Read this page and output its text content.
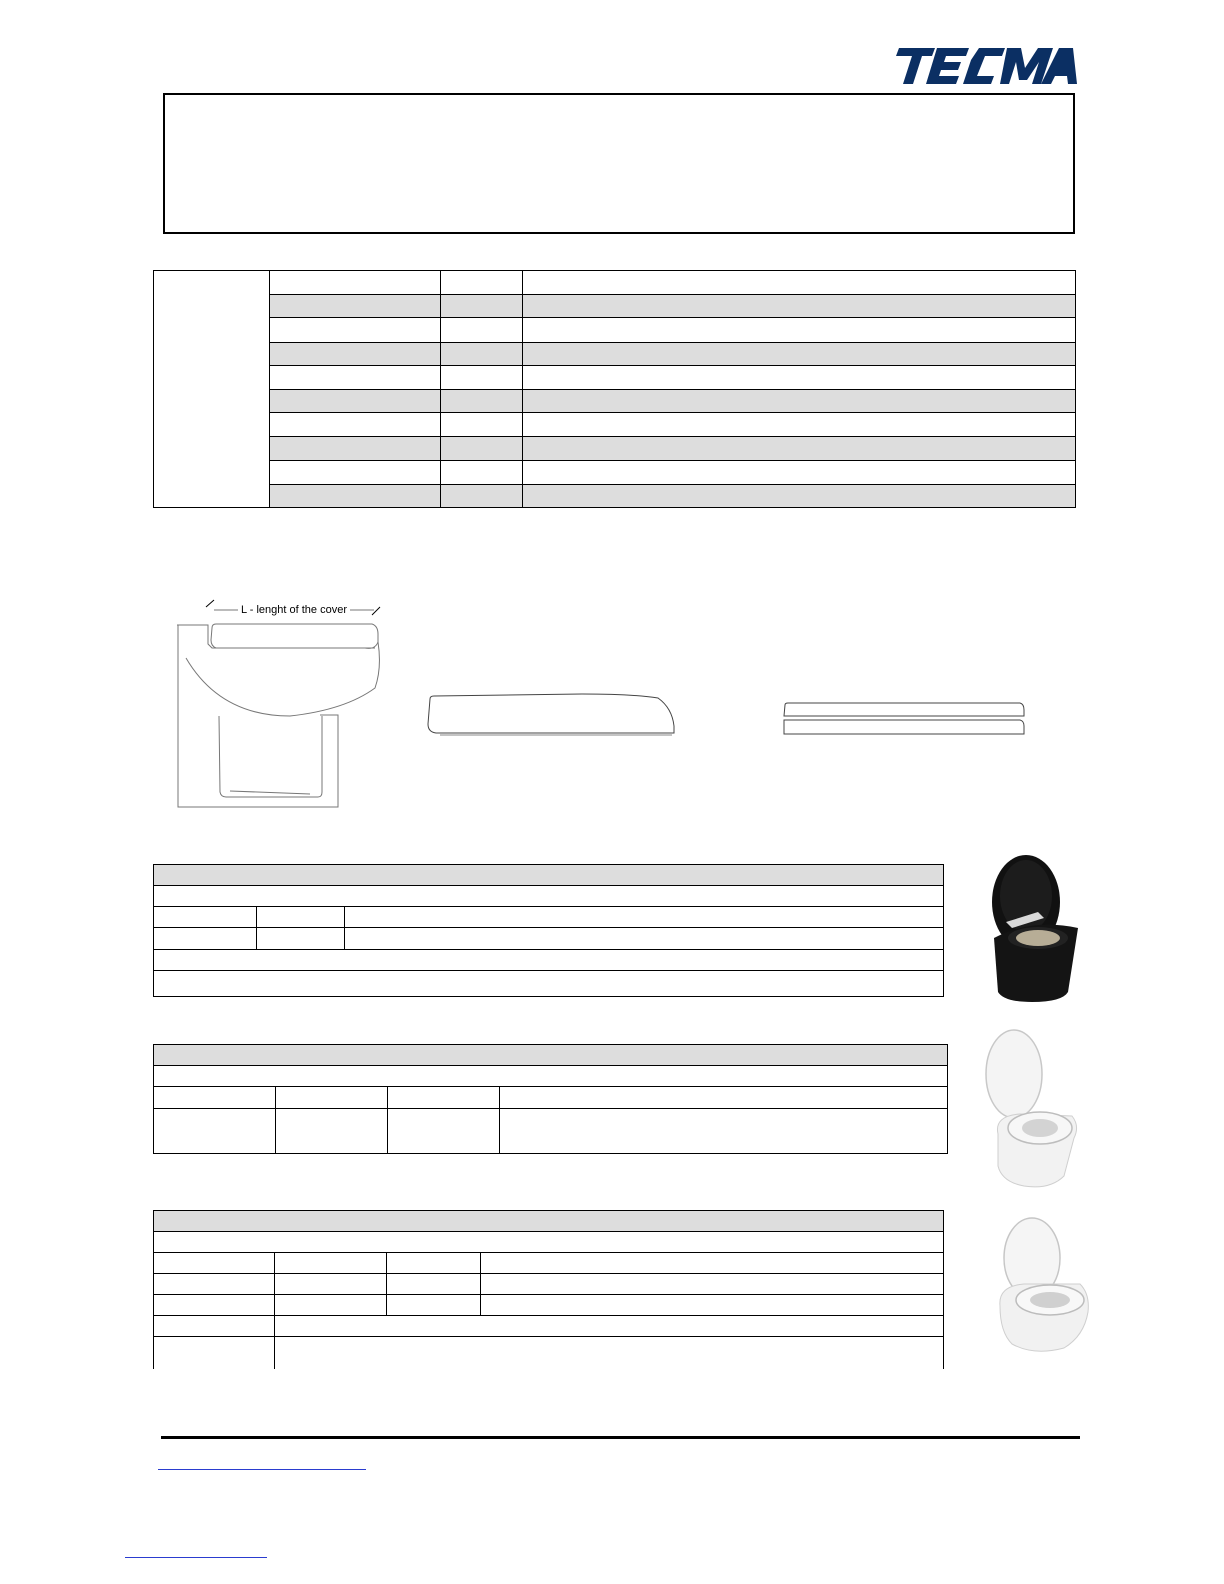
L - lenght of the cover
